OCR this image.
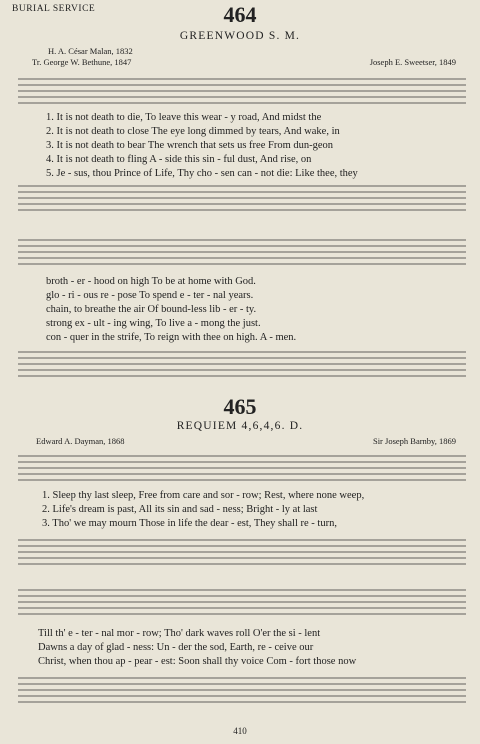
BURIAL SERVICE	464
GREENWOOD S. M.
H. A. César Malan, 1832
Tr. George W. Bethune, 1847	Joseph E. Sweetser, 1849
1. It is not death to die, To leave this wear - y road, And midst the
2. It is not death to close The eye long dimmed by tears, And wake, in
3. It is not death to bear The wrench that sets us free From dun-geon
4. It is not death to fling A - side this sin - ful dust, And rise, on
5. Je - sus, thou Prince of Life, Thy cho - sen can - not die: Like thee, they
broth - er - hood on high To be at home with God.
glo - ri - ous re - pose To spend e - ter - nal years.
chain, to breathe the air Of bound-less lib - er - ty.
strong ex - ult - ing wing, To live a - mong the just.
con - quer in the strife, To reign with thee on high. A - men.
465
REQUIEM 4,6,4,6. D.
Edward A. Dayman, 1868	Sir Joseph Barnby, 1869
1. Sleep thy last sleep, Free from care and sor - row; Rest, where none weep,
2. Life's dream is past, All its sin and sad - ness; Bright - ly at last
3. Tho' we may mourn Those in life the dear - est, They shall re - turn,
Till th' e - ter - nal mor - row; Tho' dark waves roll O'er the si - lent
Dawns a day of glad - ness: Un - der the sod, Earth, re - ceive our
Christ, when thou ap - pear - est: Soon shall thy voice Com - fort those now
410
